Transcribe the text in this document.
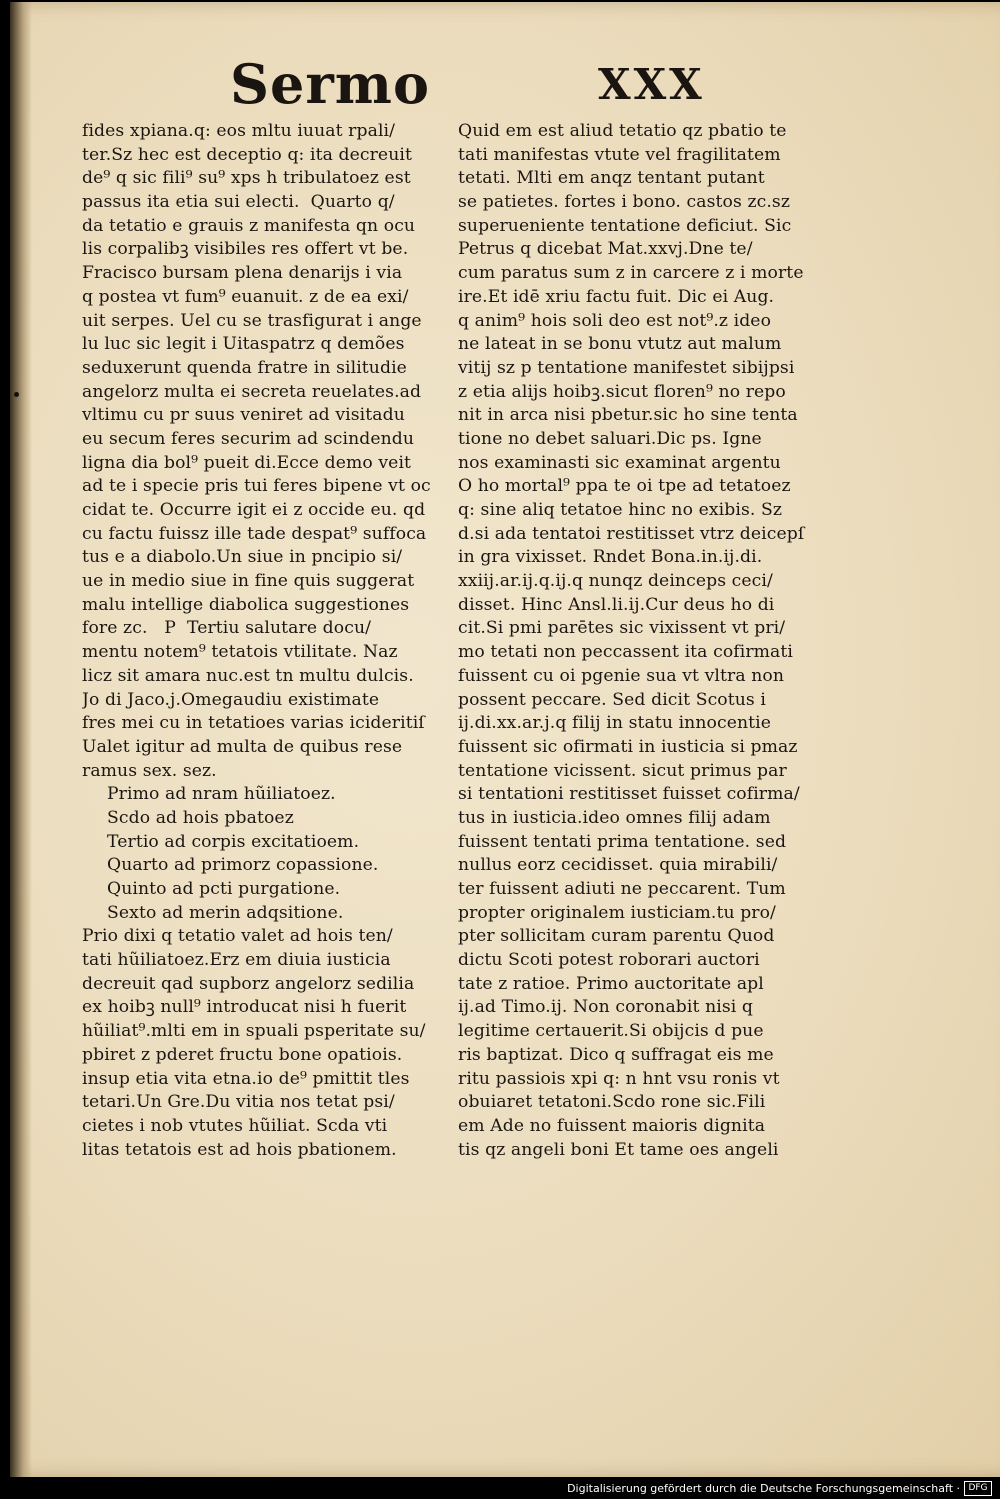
Sermo	XXX
fides xpiana.q: eos mltu iuuat rpali/
ter.Sz hec est deceptio q: ita decreuit
de⁹ q sic fili⁹ su⁹ xps h tribulatoez est
passus ita etia sui electi.  Quarto q/
da tetatio e grauis z manifesta qn ocu
lis corpalibꝫ visibiles res offert vt be.
Fracisco bursam plena denarijs i via
q postea vt fum⁹ euanuit. z de ea exi/
uit serpes. Uel cu se trasfigurat i ange
lu luc sic legit i Uitaspatrz q demões
seduxerunt quenda fratre in silitudie
angelorz multa ei secreta reuelates.ad
vltimu cu pr suus veniret ad visitadu
eu secum feres securim ad scindendu
ligna dia bol⁹ pueit di.Ecce demo veit
ad te i specie pris tui feres bipene vt oc
cidat te. Occurre igit ei z occide eu. qd
cu factu fuissz ille tade despat⁹ suffoca
tus e a diabolo.Un siue in pncipio si/
ue in medio siue in fine quis suggerat
malu intellige diabolica suggestiones
fore zc.   P  Tertiu salutare docu/
mentu notem⁹ tetatois vtilitate. Naz
licz sit amara nuc.est tn multu dulcis.
Jo di Jaco.j.Omegaudiu existimate
fres mei cu in tetatioes varias icideritiſ
Ualet igitur ad multa de quibus rese
ramus sex. sez.
Primo ad nram hũiliatoez.
Scdo ad hois pbatoez
Tertio ad corpis excitatioem.
Quarto ad primorz copassione.
Quinto ad pcti purgatione.
Sexto ad merin adqsitione.
Prio dixi q tetatio valet ad hois ten/
tati hũiliatoez.Erz em diuia iusticia
decreuit qad supborz angelorz sedilia
ex hoibꝫ null⁹ introducat nisi h fuerit
hũiliat⁹.mlti em in spuali psperitate su/
pbiret z pderet fructu bone opatiois.
insup etia vita etna.io de⁹ pmittit tles
tetari.Un Gre.Du vitia nos tetat psi/
cietes i nob vtutes hũiliat. Scda vti
litas tetatois est ad hois pbationem.
Quid em est aliud tetatio qz pbatio te
tati manifestas vtute vel fragilitatem
tetati. Mlti em anqz tentant putant
se patietes. fortes i bono. castos zc.sz
superueniente tentatione deficiut. Sic
Petrus q dicebat Mat.xxvj.Dne te/
cum paratus sum z in carcere z i morte
ire.Et idē xriu factu fuit. Dic ei Aug.
q anim⁹ hois soli deo est not⁹.z ideo
ne lateat in se bonu vtutz aut malum
vitij sz p tentatione manifestet sibijpsi
z etia alijs hoibꝫ.sicut floren⁹ no repo
nit in arca nisi pbetur.sic ho sine tenta
tione no debet saluari.Dic ps. Igne
nos examinasti sic examinat argentu
O ho mortal⁹ ppa te oi tpe ad tetatoez
q: sine aliq tetatoe hinc no exibis. Sz
d.si ada tentatoi restitisset vtrz deicepſ
in gra vixisset. Rndet Bona.in.ij.di.
xxiij.ar.ij.q.ij.q nunqz deinceps ceci/
disset. Hinc Ansl.li.ij.Cur deus ho di
cit.Si pmi parētes sic vixissent vt pri/
mo tetati non peccassent ita cofirmati
fuissent cu oi pgenie sua vt vltra non
possent peccare. Sed dicit Scotus i
ij.di.xx.ar.j.q filij in statu innocentie
fuissent sic ofirmati in iusticia si pmaz
tentatione vicissent. sicut primus par
si tentationi restitisset fuisset cofirma/
tus in iusticia.ideo omnes filij adam
fuissent tentati prima tentatione. sed
nullus eorz cecidisset. quia mirabili/
ter fuissent adiuti ne peccarent. Tum
propter originalem iusticiam.tu pro/
pter sollicitam curam parentu Quod
dictu Scoti potest roborari auctori
tate z ratioe. Primo auctoritate apl
ij.ad Timo.ij. Non coronabit nisi q
legitime certauerit.Si obijcis d pue
ris baptizat. Dico q suffragat eis me
ritu passiois xpi q: n hnt vsu ronis vt
obuiaret tetatoni.Scdo rone sic.Fili
em Ade no fuissent maioris dignita
tis qz angeli boni Et tame oes angeli
Digitalisierung gefördert durch die Deutsche Forschungsgemeinschaft · DFG
